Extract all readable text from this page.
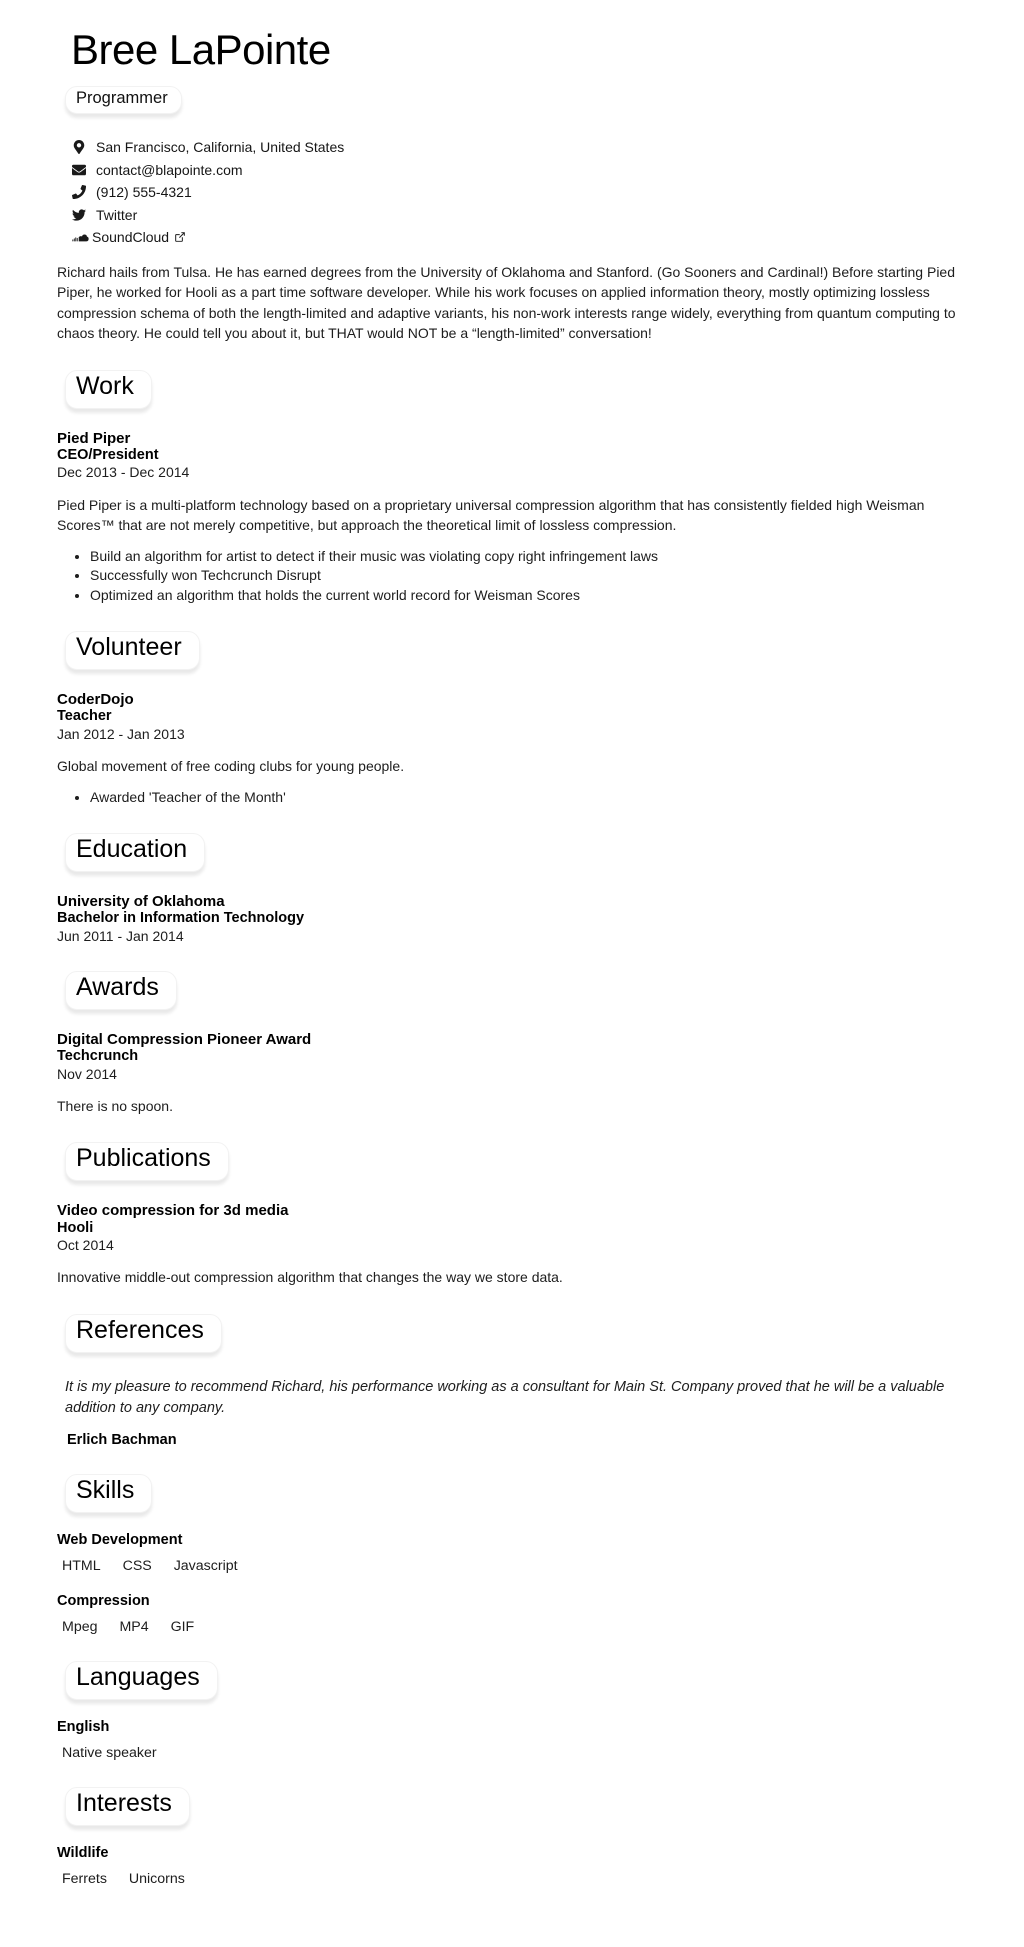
Bree LaPointe
Programmer
San Francisco, California, United States
contact@blapointe.com
(912) 555-4321
Twitter
SoundCloud

Richard hails from Tulsa. He has earned degrees from the University of Oklahoma and Stanford. (Go Sooners and Cardinal!) Before starting Pied Piper, he worked for Hooli as a part time software developer. While his work focuses on applied information theory, mostly optimizing lossless compression schema of both the length-limited and adaptive variants, his non-work interests range widely, everything from quantum computing to chaos theory. He could tell you about it, but THAT would NOT be a “length-limited” conversation!

Work
Pied Piper
CEO/President
Dec 2013 - Dec 2014

Pied Piper is a multi-platform technology based on a proprietary universal compression algorithm that has consistently fielded high Weisman Scores™ that are not merely competitive, but approach the theoretical limit of lossless compression.

• Build an algorithm for artist to detect if their music was violating copy right infringement laws
• Successfully won Techcrunch Disrupt
• Optimized an algorithm that holds the current world record for Weisman Scores
Volunteer
CoderDojo
Teacher
Jan 2012 - Jan 2013

Global movement of free coding clubs for young people.

• Awarded 'Teacher of the Month'
Education
University of Oklahoma
Bachelor in Information Technology
Jun 2011 - Jan 2014
Awards
Digital Compression Pioneer Award
Techcrunch
Nov 2014

There is no spoon.

Publications
Video compression for 3d media
Hooli
Oct 2014

Innovative middle-out compression algorithm that changes the way we store data.

References
It is my pleasure to recommend Richard, his performance working as a consultant for Main St. Company proved that he will be a valuable addition to any company.
Erlich Bachman
Skills
Web Development
HTML CSS Javascript
Compression
Mpeg MP4 GIF
Languages
English
Native speaker
Interests
Wildlife
Ferrets Unicorns
